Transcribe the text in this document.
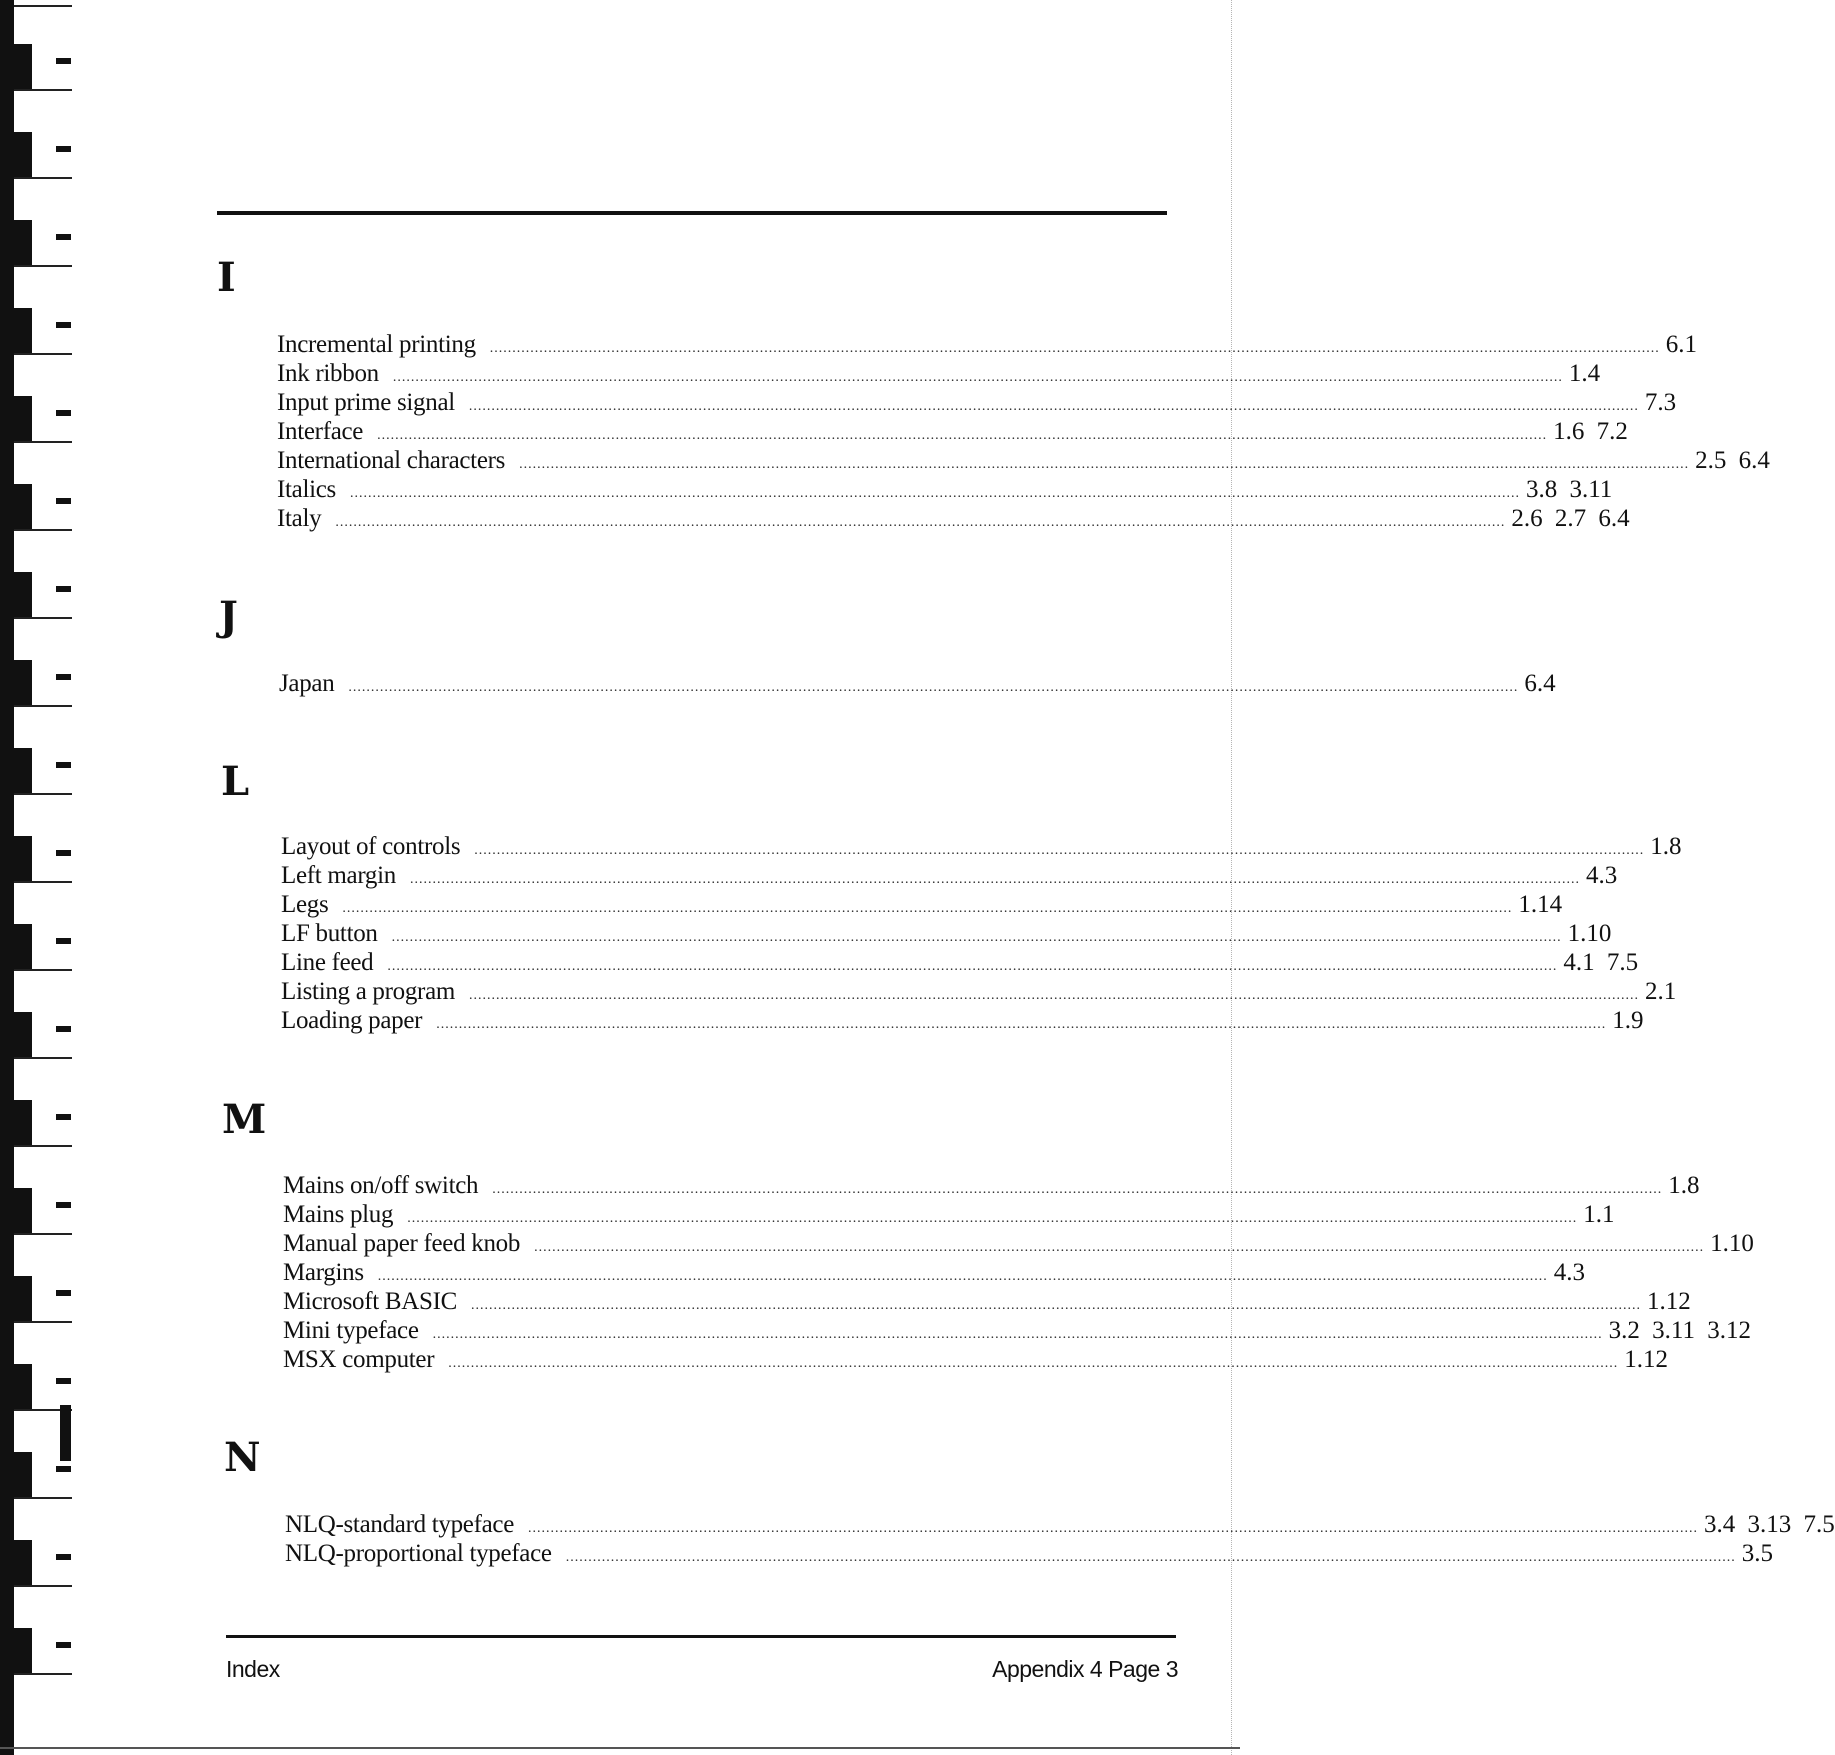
I
Incremental printing .................................................................................................................................................................................................................................................................... 6.1
Ink ribbon .................................................................................................................................................................................................................................................................... 1.4
Input prime signal .................................................................................................................................................................................................................................................................... 7.3
Interface .................................................................................................................................................................................................................................................................... 1.6 7.2
International characters .................................................................................................................................................................................................................................................................... 2.5 6.4
Italics .................................................................................................................................................................................................................................................................... 3.8 3.11
Italy .................................................................................................................................................................................................................................................................... 2.6 2.7 6.4
J
Japan .................................................................................................................................................................................................................................................................... 6.4
L
Layout of controls .................................................................................................................................................................................................................................................................... 1.8
Left margin .................................................................................................................................................................................................................................................................... 4.3
Legs .................................................................................................................................................................................................................................................................... 1.14
LF button .................................................................................................................................................................................................................................................................... 1.10
Line feed .................................................................................................................................................................................................................................................................... 4.1 7.5
Listing a program .................................................................................................................................................................................................................................................................... 2.1
Loading paper .................................................................................................................................................................................................................................................................... 1.9
M
Mains on/off switch .................................................................................................................................................................................................................................................................... 1.8
Mains plug .................................................................................................................................................................................................................................................................... 1.1
Manual paper feed knob .................................................................................................................................................................................................................................................................... 1.10
Margins .................................................................................................................................................................................................................................................................... 4.3
Microsoft BASIC .................................................................................................................................................................................................................................................................... 1.12
Mini typeface .................................................................................................................................................................................................................................................................... 3.2 3.11 3.12
MSX computer .................................................................................................................................................................................................................................................................... 1.12
N
NLQ-standard typeface .................................................................................................................................................................................................................................................................... 3.4 3.13 7.5
NLQ-proportional typeface .................................................................................................................................................................................................................................................................... 3.5
Index	Appendix 4 Page 3
